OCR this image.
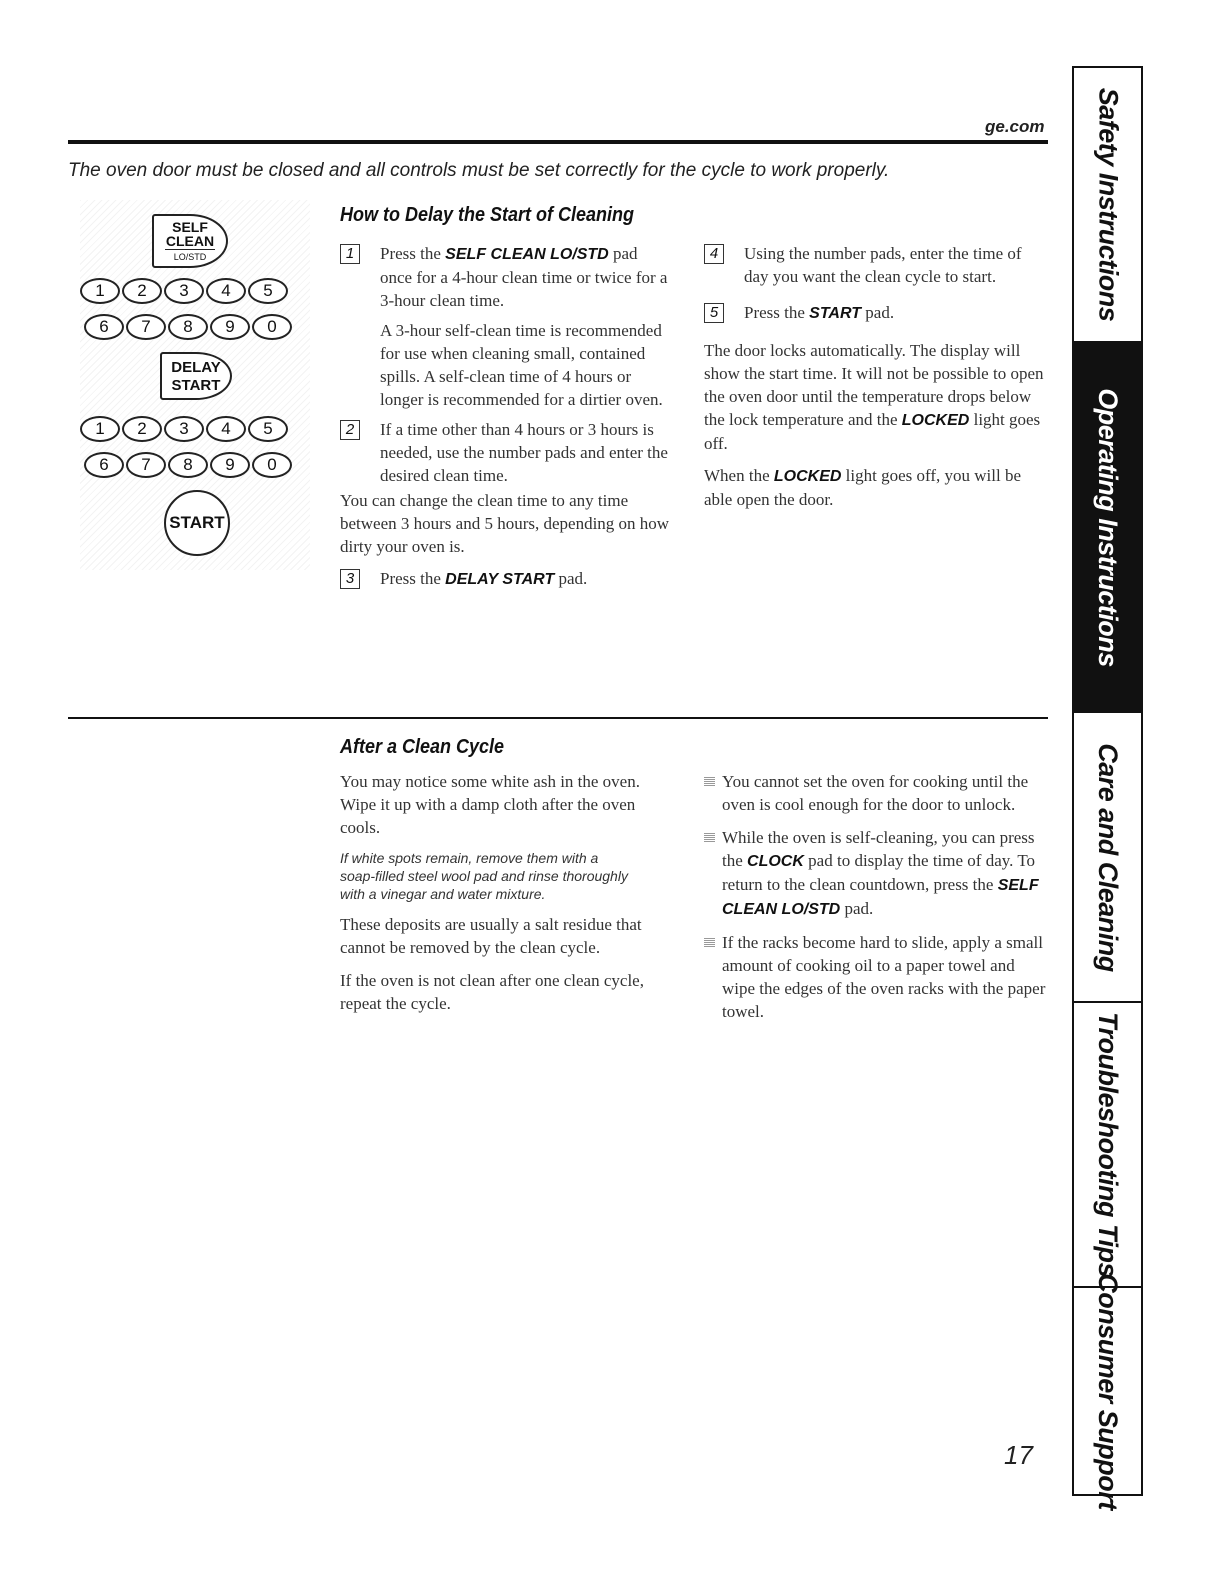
ge.com
The oven door must be closed and all controls must be set correctly for the cycle to work properly.
SELF
CLEAN
LO/STD
1	2	3	4	5
6	7	8	9	0
DELAY
START
1	2	3	4	5
6	7	8	9	0
START
How to Delay the Start of Cleaning
1	Press the SELF CLEAN LO/STD pad once for a 4-hour clean time or twice for a 3-hour clean time.

A 3-hour self-clean time is recommended for use when cleaning small, contained spills. A self-clean time of 4 hours or longer is recommended for a dirtier oven.

2	If a time other than 4 hours or 3 hours is needed, use the number pads and enter the desired clean time.

You can change the clean time to any time between 3 hours and 5 hours, depending on how dirty your oven is.

3	Press the DELAY START pad.

4	Using the number pads, enter the time of day you want the clean cycle to start.

5	Press the START pad.

The door locks automatically. The display will show the start time. It will not be possible to open the oven door until the temperature drops below the lock temperature and the LOCKED light goes off.

When the LOCKED light goes off, you will be able open the door.

After a Clean Cycle

You may notice some white ash in the oven. Wipe it up with a damp cloth after the oven cools.

If white spots remain, remove them with a soap-filled steel wool pad and rinse thoroughly with a vinegar and water mixture.

These deposits are usually a salt residue that cannot be removed by the clean cycle.

If the oven is not clean after one clean cycle, repeat the cycle.

You cannot set the oven for cooking until the oven is cool enough for the door to unlock.

While the oven is self-cleaning, you can press the CLOCK pad to display the time of day. To return to the clean countdown, press the SELF CLEAN LO/STD pad.

If the racks become hard to slide, apply a small amount of cooking oil to a paper towel and wipe the edges of the oven racks with the paper towel.

Safety Instructions
Operating Instructions
Care and Cleaning
Troubleshooting Tips
Consumer Support
17
